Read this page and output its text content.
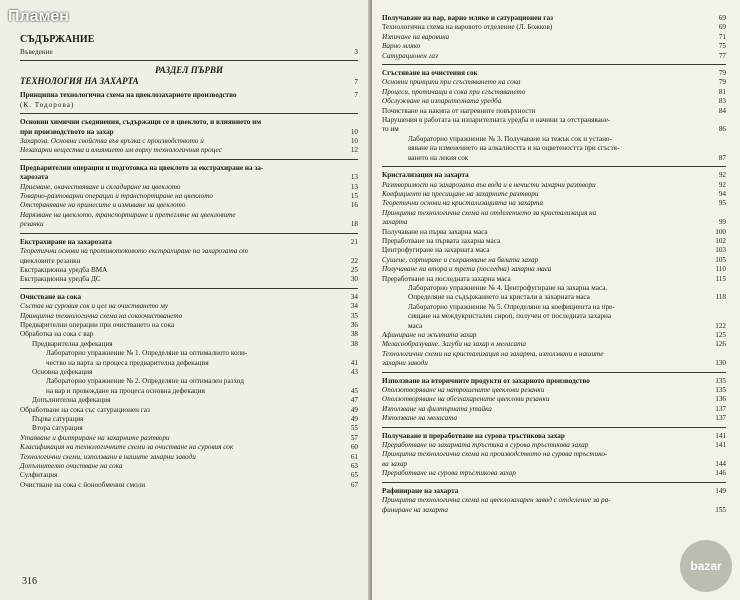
СЪДЪРЖАНИЕ
Въведение	3
РАЗДЕЛ ПЪРВИ
ТЕХНОЛОГИЯ НА ЗАХАРТА	7
Принципна технологична схема на цвеклозахарното производство	7
(К. Тодорова)
Основни химични съединения, съдържащи се в цвеклото, и влиянието им
при производството на захар	10
Захароза. Основни свойства във връзка с производството ѝ	10
Незахарни вещества и влиянието им върху технологичния процес	12
Предварителни операции и подготовка на цвеклото за екстрахиране на за-
харозата	13
Приемане, окачествяване и складиране на цвеклото	13
Товарно-разтоварни операции и транспортиране на цвеклото	15
Отстраняване на примесите и измиване на цвеклото	16
Нарязване на цвеклото, транспортиране и претегляне на цвекловите
резанки	18
Екстрахиране на захарозата	21
Теоретични основи на противотоковото екстрахиране на захарозата от
цвекловите резанки	22
Екстракционна уредба ВМА	25
Екстракционна уредба ДС	30
Очистване на сока	34
Състав на суровия сок и цел на очистването му	34
Принципна технологична схема на сокоочистването	35
Предварителни операции при очистването на сока	36
Обработка на сока с вар	38
Предварителна дефекация	38
Лабораторно упражнение № 1. Определяне на оптималното коли-
чество на варта за процеса предварителна дефекация	41
Основна дефекация	43
Лабораторно упражнение № 2. Определяне на оптимален разход
на вар и провеждане на процеса основна дефекация	45
Допълнителна дефекация	47
Обработване на сока със сатурационен газ	49
Първа сатурация	49
Втора сатурация	55
Утаяване и филтриране на захарните разтвори	57
Класификация на технологичните схеми за очистване на суровия сок	60
Технологични схеми, използвани в нашите захарни заводи	61
Допълнително очистване на сока	63
Сулфитация	65
Очистване на сока с йонообменни смоли	67
316
Получаване на вар, варно мляко и сатурационен газ	69
Технологична схема на варовото отделение (Л. Божков)	69
Изпичане на варовика	71
Варно мляко	75
Сатурационен газ	77
Сгъстяване на очистения сок	79
Основни принципи при сгъстяването на сока	79
Процеси, протичащи в сока при сгъстяването	81
Обслужване на изпарителната уредба	83
Почистване на накипа от нагревните повърхности	84
Нарушения в работата на изпарителната уредба и начини за отстраняване-
то им	86
Лабораторно упражнение № 3. Получаване на тежък сок и устано-
вяване на изменението на алкалността и на оцветеността при сгъстя-
ването на лекия сок	87
Кристализация на захарта	92
Разтворимост на захарозата във вода и в нечисти захарни разтвори	92
Коефициент на пресищане на захарните разтвори	94
Теоретични основи на кристализацията на захарта	95
Принципна технологична схема на отделението за кристализация на
захарта	99
Получаване на първа захарна маса	100
Преработване на първата захарна маса	102
Центрофугиране на захарната маса	103
Сушене, сортиране и съхраняване на бялата захар	105
Получаване на втора и трета (последна) захарна маса	110
Преработване на последната захарна маса	115
Лабораторно упражнение № 4. Центрофугиране на захарна маса.
Определяне на съдържанието на кристали в захарната маса	118
Лабораторно упражнение № 5. Определяне на коефициента на пре-
сищане на междукристален сироп, получен от последната захарна
маса	122
Афиниране на жълтата захар	125
Меласообразуване. Загуби на захар в меласата	126
Технологични схеми на кристализация на захарта, използвани в нашите
захарни заводи	130
Използване на вторичните продукти от захарното производство	135
Оползотворяване на натрошените цвеклови резанки	135
Оползотворяване на обезхахарените цвеклови резанки	136
Използване на филтърната утайка	137
Използване на меласата	137
Получаване и преработване на сурова тръстикова захар	141
Преработване на захарната тръстика в сурова тръстикова захар	141
Принципна технологична схема на производството на сурова тръстико-
ва захар	144
Преработване на сурова тръстикова захар	146
Рафиниране на захарта	149
Принципна технологична схема на цвеклозахарен завод с отделение за ра-
финиране на захарта	155
Пламен
bazar
